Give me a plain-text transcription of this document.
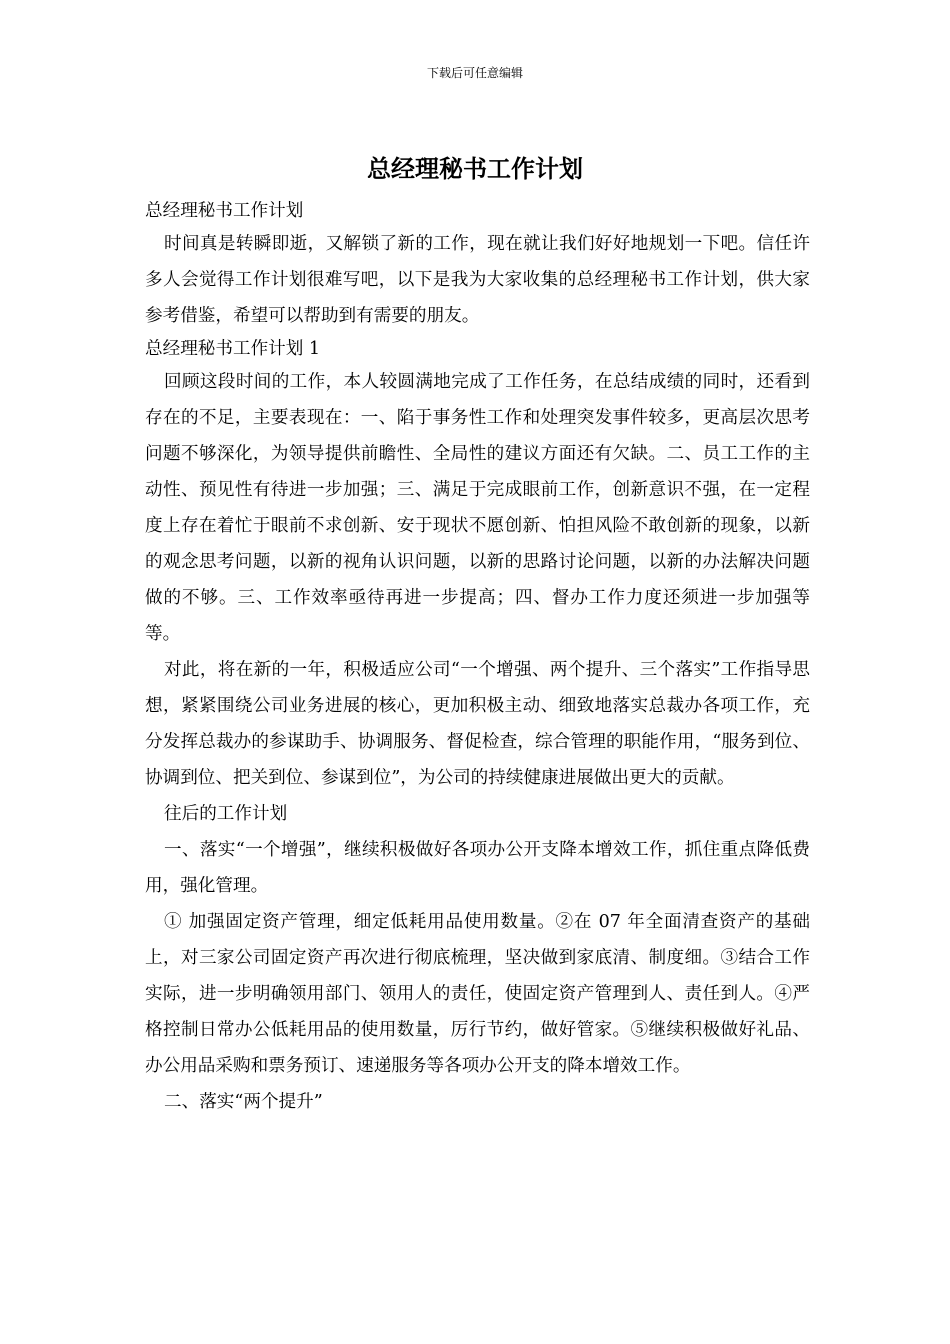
下载后可任意编辑
总经理秘书工作计划

总经理秘书工作计划

时间真是转瞬即逝，又解锁了新的工作，现在就让我们好好地规划一下吧。信任许多人会觉得工作计划很难写吧，以下是我为大家收集的总经理秘书工作计划，供大家参考借鉴，希望可以帮助到有需要的朋友。

总经理秘书工作计划 1

回顾这段时间的工作，本人较圆满地完成了工作任务，在总结成绩的同时，还看到存在的不足，主要表现在：一、陷于事务性工作和处理突发事件较多，更高层次思考问题不够深化，为领导提供前瞻性、全局性的建议方面还有欠缺。二、员工工作的主动性、预见性有待进一步加强；三、满足于完成眼前工作，创新意识不强，在一定程度上存在着忙于眼前不求创新、安于现状不愿创新、怕担风险不敢创新的现象，以新的观念思考问题，以新的视角认识问题，以新的思路讨论问题，以新的办法解决问题做的不够。三、工作效率亟待再进一步提高；四、督办工作力度还须进一步加强等等。

对此，将在新的一年，积极适应公司“一个增强、两个提升、三个落实”工作指导思想，紧紧围绕公司业务进展的核心，更加积极主动、细致地落实总裁办各项工作，充分发挥总裁办的参谋助手、协调服务、督促检查，综合管理的职能作用，“服务到位、协调到位、把关到位、参谋到位”，为公司的持续健康进展做出更大的贡献。

往后的工作计划

一、落实“一个增强”，继续积极做好各项办公开支降本增效工作，抓住重点降低费用，强化管理。

① 加强固定资产管理，细定低耗用品使用数量。②在 07 年全面清查资产的基础上，对三家公司固定资产再次进行彻底梳理，坚决做到家底清、制度细。③结合工作实际，进一步明确领用部门、领用人的责任，使固定资产管理到人、责任到人。④严格控制日常办公低耗用品的使用数量，厉行节约，做好管家。⑤继续积极做好礼品、办公用品采购和票务预订、速递服务等各项办公开支的降本增效工作。

二、落实“两个提升”
